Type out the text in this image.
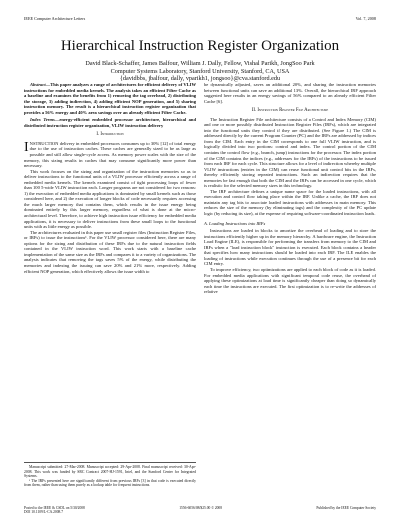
IEEE Computer Architecture Letters	Vol. 7, 2008
Hierarchical Instruction Register Organization
David Black-Schaffer, James Balfour, William J. Dally, Fellow, Vishal Parikh, JongSoo Park
Computer Systems Laboratory, Stanford University, Stanford, CA, USA
{davidbbs, jbalfour, dally, vparikh1, jongsoo}@cva.stanford.edu

Abstract—This paper analyzes a range of architectures for efficient delivery of VLIW instructions for embedded media kernels. The analysis takes an efficient Filter Cache as a baseline and examines the benefits from 1) removing the tag overhead, 2) distributing the storage, 3) adding indirection, 4) adding efficient NOP generation, and 5) sharing instruction memory. The result is a hierarchical instruction register organization that provides a 56% energy and 40% area savings over an already efficient Filter Cache.

Index Terms—energy-efficient embedded processor architecture, hierarchical and distributed instruction register organization, VLIW instruction delivery

I. Introduction

INSTRUCTION delivery in embedded processors consumes up to 30% [12] of total energy due to the use of instruction caches. These caches are generally sized to be as large as possible and still allow single-cycle access. As memory power scales with the size of the memory, this sizing results in caches that may consume significantly more power than necessary.

This work focuses on the sizing and organization of the instruction memories so as to deliver instructions to the functional units of a VLIW processor efficiently across a range of embedded media kernels. The kernels examined consist of tight processing loops of fewer than 100 5-wide VLIW instruction each. Longer programs are not considered for two reasons: 1) the execution of embedded media applications is dominated by small kernels such as those considered here, and 2) the execution of longer blocks of code necessarily requires accessing the much larger memory that contains them, which results in the issue energy being dominated entirely by this larger memory, regardless of what is done at the micro-architectural level. Therefore, to achieve high instruction issue efficiency for embedded media applications, it is necessary to deliver instructions from these small loops to the functional units with as little energy as possible.

The architectures evaluated in this paper use small register files (Instruction Register Files, or IRFs) to issue the instructions¹. For the VLIW processor considered here, there are many options for the sizing and distribution of these IRFs due to the natural instruction fields contained in the VLIW instruction word. This work starts with a baseline cache implementation of the same size as the IRFs and compares it to a variety of organizations. The analysis indicates that removing the tags saves 5% of the energy, while distributing the memories and indexing the issuing can save 20% and 21% more, respectively. Adding efficient NOP generation, which effectively allows the issue width to

be dynamically adjusted, saves an additional 20%, and sharing the instruction memories between functional units can save an additional 13%. Overall, the hierarchical IRF approach suggested here results in an energy savings of 56% compared to an already efficient Filter Cache [6].

II. Instruction Register File Architecture

The Instruction Register File architecture consists of a Control and Index Memory (CIM) and one or more possibly distributed Instruction Register Files (IRFs), which are integrated into the functional units they control if they are distributed. (See Figure 1.) The CIM is addressed directly by the current Program Counter (PC) and the IRFs are addressed by indices from the CIM. Each entry in the CIM corresponds to one full VLIW instruction, and is logically divided into two portions: control and index. The control portion of the CIM contains the control flow (e.g., branch, jump) instructions for the processor. The index portion of the CIM contains the indices (e.g., addresses for the IRFs) of the instructions to be issued from each IRF for each cycle. This structure allows for a level of indirection whereby multiple VLIW instructions (entries in the CIM) can reuse functional unit control bits in the IRFs, thereby efficiently storing repeated instructions. Such an indirection requires that the memories be fast enough that both the CIM and the IRFs can be accessed in one cycle, which is realistic for the selected memory sizes in this technology.

The IRF architecture defines a unique name space for the loaded instructions, with all execution and control flow taking place within the IRF. Unlike a cache, the IRF does not maintain any tag bits to associate loaded instructions with addresses in main memory. This reduces the size of the memory (by eliminating tags) and the complexity of the PC update logic (by reducing its size), at the expense of requiring software-coordinated instruction loads.

A. Loading Instructions into IRFs

Instructions are loaded in blocks to amortize the overhead of loading and to store the instructions efficiently higher up in the memory hierarchy. A hardware engine, the Instruction Load Engine (ILE), is responsible for performing the transfers from memory to the CIM and IRFs when a "load instruction block" instruction is executed. Each block contains a header that specifies how many instructions should be loaded into each IRF. The ILE enables the loading of instructions while execution continues through the use of a presence bit for each CIM entry.

To improve efficiency, two optimizations are applied to each block of code as it is loaded. For embedded media applications with significant temporal code reuse, the overhead of applying these optimizations at load time is significantly cheaper than doing so dynamically each time the instructions are executed. The first optimization is to re-write the addresses of relative

Manuscript submitted: 27-Mar-2008. Manuscript accepted: 29-Apr-2008. Final manuscript received: 30-Apr-2008. This work was funded by SRC Contract 2007-HJ-1591, Intel, and the Stanford Center for Integrated Systems.

¹ The IRFs presented here are significantly different from previous IRFs [3] in that code is executed directly from them, rather than using them purely as a lookup table for frequent instructions.

Posted to the IEEE & CSDL on 5/30/2008
DOI 10.1109/L-CA.2008.7
1556-6056/08/$25.00 © 2008	Published by the IEEE Computer Society
